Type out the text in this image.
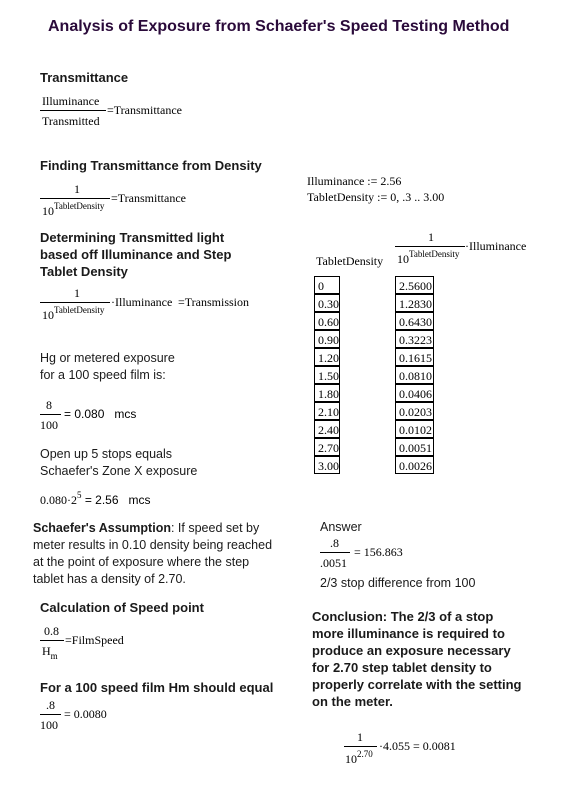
Analysis of Exposure from Schaefer's Speed Testing Method
Transmittance
Illuminance
Transmitted
=Transmittance
Finding Transmittance from Density
1
$10^{TabletDensity}$
=Transmittance
Illuminance := 2.56
TabletDensity := 0, .3 .. 3.00
Determining Transmitted light
based off Illuminance and Step
Tablet Density
1
$10^{TabletDensity}$
·Illuminance =Transmission
TabletDensity
1
$10^{TabletDensity}$
·Illuminance
0
0.30
0.60
0.90
1.20
1.50
1.80
2.10
2.40
2.70
3.00
2.5600
1.2830
0.6430
0.3223
0.1615
0.0810
0.0406
0.0203
0.0102
0.0051
0.0026
Hg or metered exposure
for a 100 speed film is:
8
100
= 0.080   mcs
Open up 5 stops equals
Schaefer's Zone X exposure
$0.080\cdot 2^5 = 2.56$   mcs
Schaefer's Assumption: If speed set by
meter results in 0.10 density being reached
at the point of exposure where the step
tablet has a density of 2.70.
Answer
.8
.0051
= 156.863
2/3 stop difference from 100
Calculation of Speed point
0.8
$H_m$
=FilmSpeed
For a 100 speed film Hm should equal
.8
100
= 0.0080
Conclusion: The 2/3 of a stop
more illuminance is required to
produce an exposure necessary
for 2.70 step tablet density to
properly correlate with the setting
on the meter.
1
$10^{2.70}$
·4.055 = 0.0081
